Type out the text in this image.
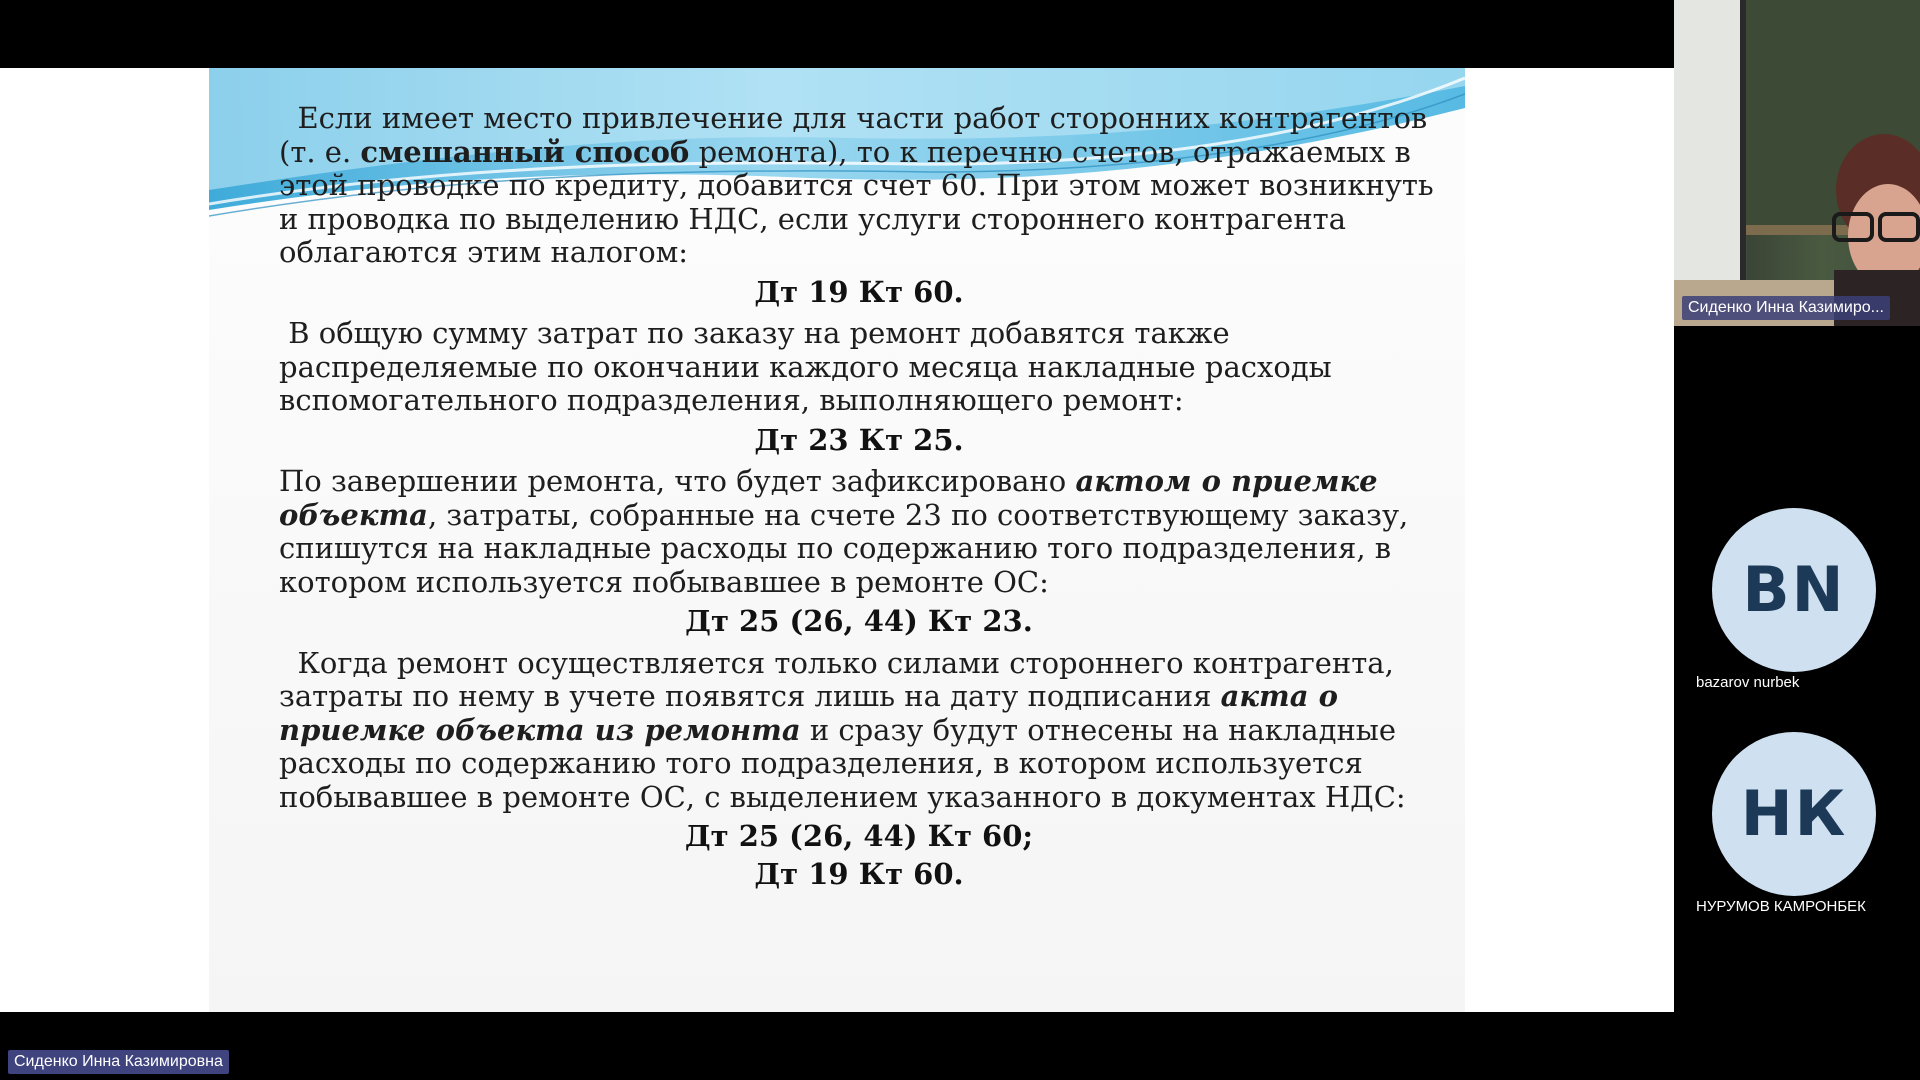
Если имеет место привлечение для части работ сторонних контрагентов (т. е. смешанный способ ремонта), то к перечню счетов, отражаемых в этой проводке по кредиту, добавится счет 60. При этом может возникнуть и проводка по выделению НДС, если услуги стороннего контрагента облагаются этим налогом:

Дт 19 Кт 60.

В общую сумму затрат по заказу на ремонт добавятся также распределяемые по окончании каждого месяца накладные расходы вспомогательного подразделения, выполняющего ремонт:

Дт 23 Кт 25.

По завершении ремонта, что будет зафиксировано актом о приемке объекта, затраты, собранные на счете 23 по соответствующему заказу, спишутся на накладные расходы по содержанию того подразделения, в котором используется побывавшее в ремонте ОС:

Дт 25 (26, 44) Кт 23.

Когда ремонт осуществляется только силами стороннего контрагента, затраты по нему в учете появятся лишь на дату подписания акта о приемке объекта из ремонта и сразу будут отнесены на накладные расходы по содержанию того подразделения, в котором используется побывавшее в ремонте ОС, с выделением указанного в документах НДС:

Дт 25 (26, 44) Кт 60;

Дт 19 Кт 60.

Сиденко Инна Казимировна
Сиденко Инна Казимиро...
BN
bazarov nurbek
НК
НУРУМОВ КАМРОНБЕК
